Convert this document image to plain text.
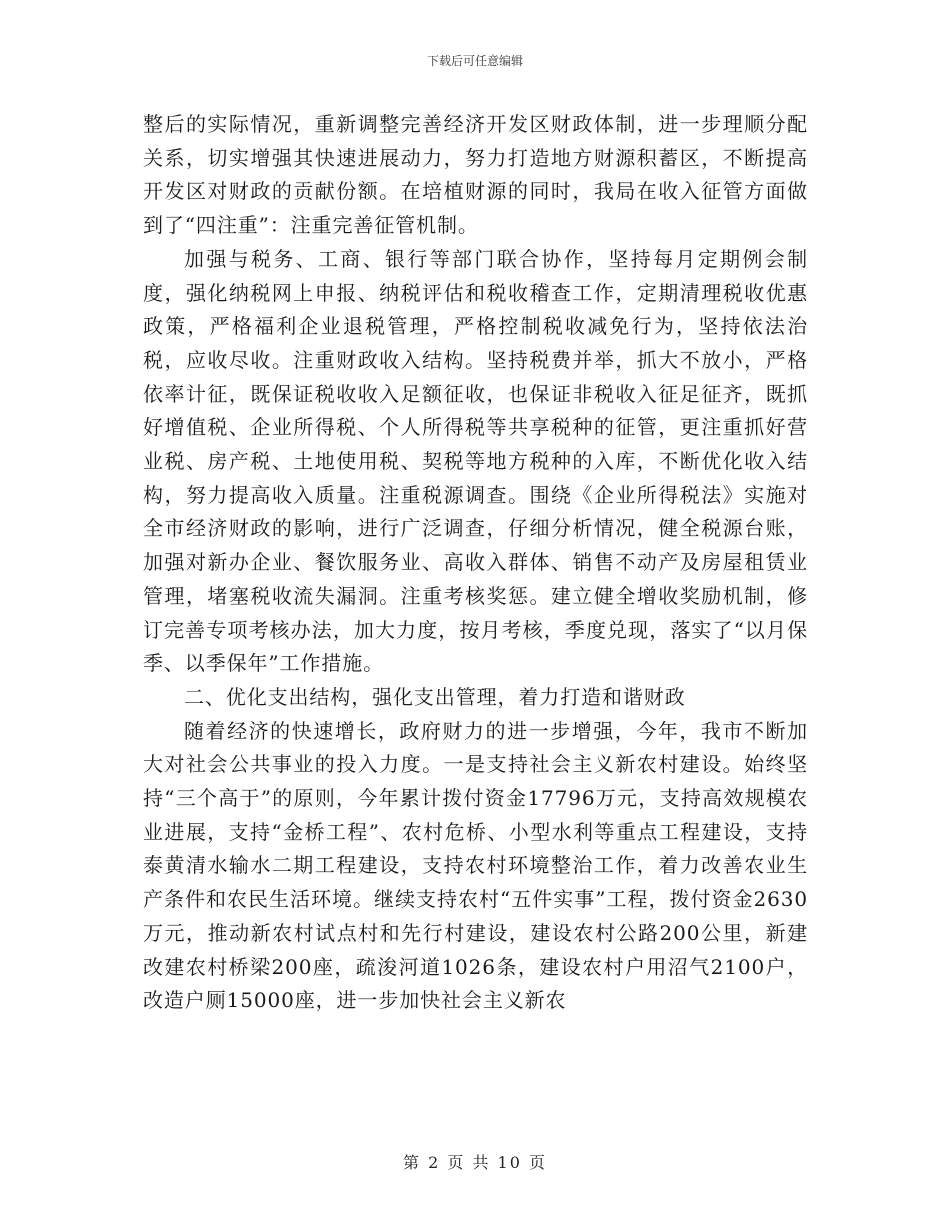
下载后可任意编辑

整后的实际情况，重新调整完善经济开发区财政体制，进一步理顺分配关系，切实增强其快速进展动力，努力打造地方财源积蓄区，不断提高开发区对财政的贡献份额。在培植财源的同时，我局在收入征管方面做到了“四注重”：注重完善征管机制。

加强与税务、工商、银行等部门联合协作，坚持每月定期例会制度，强化纳税网上申报、纳税评估和税收稽查工作，定期清理税收优惠政策，严格福利企业退税管理，严格控制税收减免行为，坚持依法治税，应收尽收。注重财政收入结构。坚持税费并举，抓大不放小，严格依率计征，既保证税收收入足额征收，也保证非税收入征足征齐，既抓好增值税、企业所得税、个人所得税等共享税种的征管，更注重抓好营业税、房产税、土地使用税、契税等地方税种的入库，不断优化收入结构，努力提高收入质量。注重税源调查。围绕《企业所得税法》实施对全市经济财政的影响，进行广泛调查，仔细分析情况，健全税源台账，加强对新办企业、餐饮服务业、高收入群体、销售不动产及房屋租赁业管理，堵塞税收流失漏洞。注重考核奖惩。建立健全增收奖励机制，修订完善专项考核办法，加大力度，按月考核，季度兑现，落实了“以月保季、以季保年”工作措施。

二、优化支出结构，强化支出管理，着力打造和谐财政

随着经济的快速增长，政府财力的进一步增强，今年，我市不断加大对社会公共事业的投入力度。一是支持社会主义新农村建设。始终坚持“三个高于”的原则，今年累计拨付资金17796万元，支持高效规模农业进展，支持“金桥工程”、农村危桥、小型水利等重点工程建设，支持泰黄清水输水二期工程建设，支持农村环境整治工作，着力改善农业生产条件和农民生活环境。继续支持农村“五件实事”工程，拨付资金2630万元，推动新农村试点村和先行村建设，建设农村公路200公里，新建改建农村桥梁200座，疏浚河道1026条，建设农村户用沼气2100户，改造户厕15000座，进一步加快社会主义新农

第 2 页 共 10 页
